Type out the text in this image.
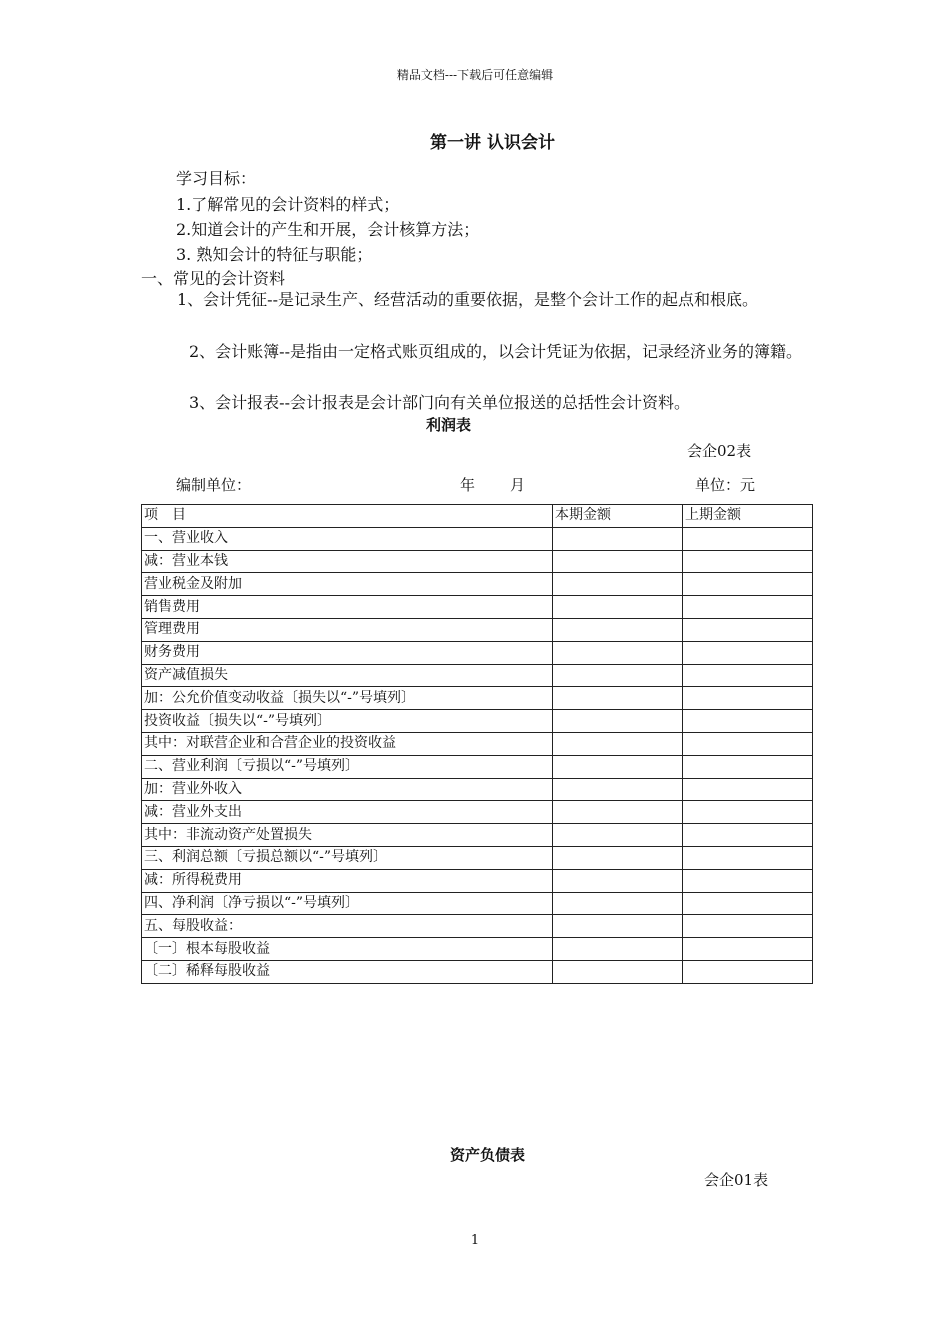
精品文档---下载后可任意编辑
第一讲 认识会计
学习目标：
1.了解常见的会计资料的样式；
2.知道会计的产生和开展，会计核算方法；
3. 熟知会计的特征与职能；
一、常见的会计资料
1、会计凭征--是记录生产、经营活动的重要依据，是整个会计工作的起点和根底。
2、会计账簿--是指由一定格式账页组成的，以会计凭证为依据，记录经济业务的簿籍。
3、会计报表--会计报表是会计部门向有关单位报送的总括性会计资料。
利润表
会企02表
编制单位：	年 月	单位：元
项　目	本期金额	上期金额
一、营业收入		
减：营业本钱		
营业税金及附加		
销售费用		
管理费用		
财务费用		
资产减值损失		
加：公允价值变动收益〔损失以“-”号填列〕		
投资收益〔损失以“-”号填列〕		
其中：对联营企业和合营企业的投资收益		
二、营业利润〔亏损以“-”号填列〕		
加：营业外收入		
减：营业外支出		
其中：非流动资产处置损失		
三、利润总额〔亏损总额以“-”号填列〕		
减：所得税费用		
四、净利润〔净亏损以“-”号填列〕		
五、每股收益：		
〔一〕根本每股收益		
〔二〕稀释每股收益		
资产负债表
会企01表
1
